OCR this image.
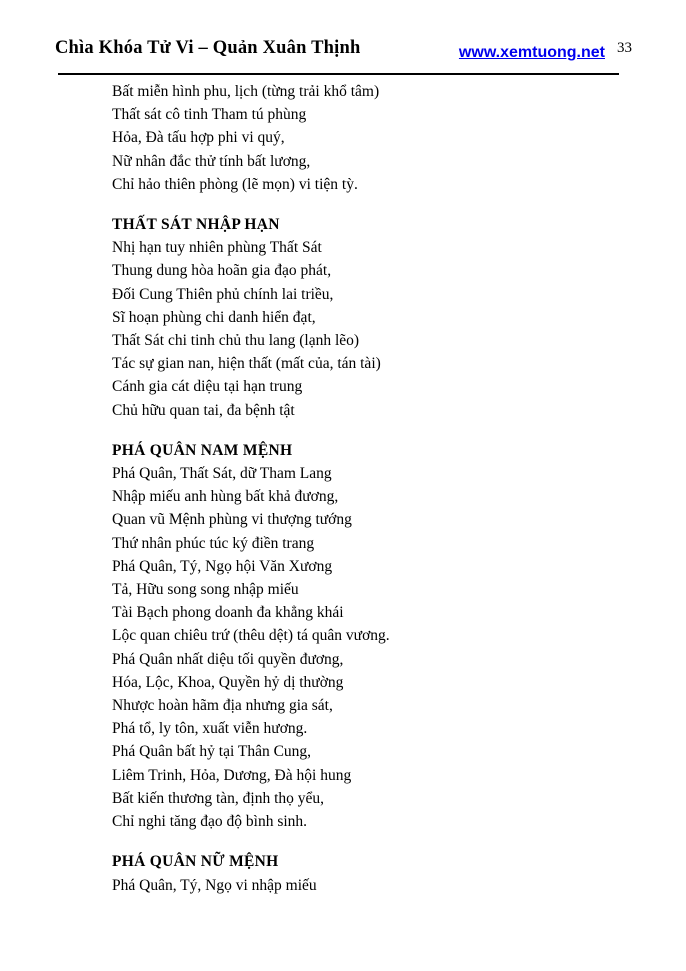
Chìa Khóa Tử Vi – Quản Xuân Thịnh	www.xemtuong.net 33

Bất miễn hình phu, lịch (từng trải khổ tâm)

Thất sát cô tinh Tham tú phùng

Hỏa, Đà tấu hợp phi vi quý,

Nữ nhân đắc thử tính bất lương,

Chỉ hảo thiên phòng (lẽ mọn) vi tiện tỳ.

THẤT SÁT NHẬP HẠN

Nhị hạn tuy nhiên phùng Thất Sát

Thung dung hòa hoãn gia đạo phát,

Đối Cung Thiên phủ chính lai triều,

Sĩ hoạn phùng chi danh hiển đạt,

Thất Sát chi tinh chủ thu lang (lạnh lẽo)

Tác sự gian nan, hiện thất (mất của, tán tài)

Cánh gia cát diệu tại hạn trung

Chủ hữu quan tai, đa bệnh tật

PHÁ QUÂN NAM MỆNH

Phá Quân, Thất Sát, dữ Tham Lang

Nhập miếu anh hùng bất khả đương,

Quan vũ Mệnh phùng vi thượng tướng

Thứ nhân phúc túc ký điền trang

Phá Quân, Tý, Ngọ hội Văn Xương

Tả, Hữu song song nhập miếu

Tài Bạch phong doanh đa khẳng khái

Lộc quan chiêu trứ (thêu dệt) tá quân vương.

Phá Quân nhất diệu tối quyền đương,

Hóa, Lộc, Khoa, Quyền hỷ dị thường

Nhược hoàn hãm địa nhưng gia sát,

Phá tổ, ly tôn, xuất viễn hương.

Phá Quân bất hỷ tại Thân Cung,

Liêm Trinh, Hỏa, Dương, Đà hội hung

Bất kiến thương tàn, định thọ yểu,

Chỉ nghi tăng đạo độ bình sinh.

PHÁ QUÂN NỮ MỆNH

Phá Quân, Tý, Ngọ vi nhập miếu
